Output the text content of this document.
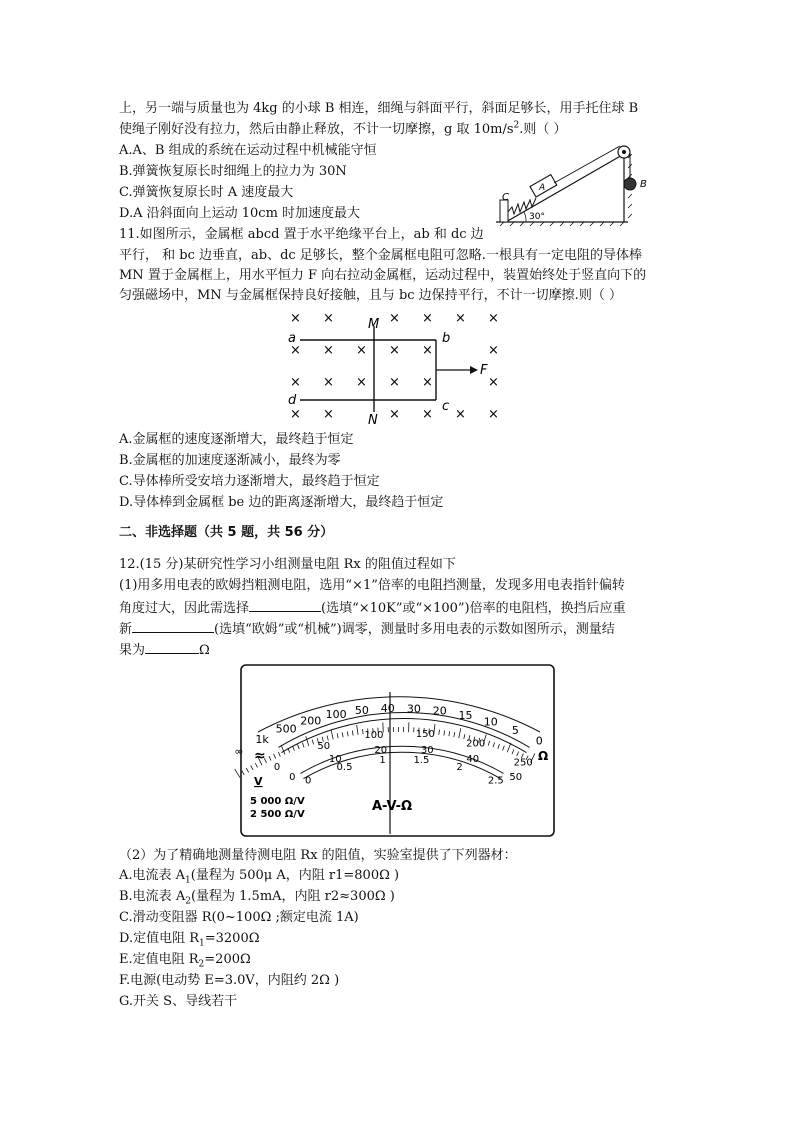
上，另一端与质量也为 4kg 的小球 B 相连，细绳与斜面平行，斜面足够长，用手托住球 B
使绳子刚好没有拉力，然后由静止释放，不计一切摩擦，g 取 $10m/s^2$.则（ ）
A.A、B 组成的系统在运动过程中机械能守恒
B.弹簧恢复原长时细绳上的拉力为 30N
C.弹簧恢复原长时 A 速度最大
D.A 沿斜面向上运动 10cm 时加速度最大
C
A	B
30°
11.如图所示，金属框 abcd 置于水平绝缘平台上，ab 和 dc 边
平行， 和 bc 边垂直，ab、dc 足够长，整个金属框电阻可忽略.一根具有一定电阻的导体棒
MN 置于金属框上，用水平恒力 F 向右拉动金属框，运动过程中，装置始终处于竖直向下的
匀强磁场中，MN 与金属框保持良好接触，且与 bc 边保持平行，不计一切摩擦.则（ ）
× ×	× × × ×
× × × × ×	×
× × × × ×	×
× ×	× × × ×
M
N
a	b
c
d
F
A.金属框的速度逐渐增大，最终趋于恒定
B.金属框的加速度逐渐减小，最终为零
C.导体棒所受安培力逐渐增大，最终趋于恒定
D.导体棒到金属框 be 边的距离逐渐增大，最终趋于恒定
二、非选择题（共 5 题，共 56 分）
12.(15 分)某研究性学习小组测量电阻 Rx 的阻值过程如下
(1)用多用电表的欧姆挡粗测电阻，选用“×1”倍率的电阻挡测量，发现多用电表指针偏转
角度过大，因此需选择	(选填“×10K”或“×100”)倍率的电阻档，换挡后应重
新	(选填“欧姆”或“机械”)调零，测量时多用电表的示数如图所示，测量结
果为	Ω
∞
1k
500
200 100 50 40 30 20 15 10
5
0
0
50
100	150
200
250
0
10
20	30
40
50
0
0.5
1	1.5
2
2.5
≈
V
Ω
A-V-Ω
5 000 Ω/V
2 500 Ω/V
（2）为了精确地测量待测电阻 Rx 的阻值，实验室提供了下列器材：
A.电流表 $A_1$(量程为 500μ A，内阻 r1=800Ω )
B.电流表 $A_2$(量程为 1.5mA，内阻 r2≈300Ω )
C.滑动变阻器 R(0~100Ω ;额定电流 1A)
D.定值电阻 $R_1=3200\Omega$
E.定值电阻 $R_2=200\Omega$
F.电源(电动势 E=3.0V，内阻约 2Ω )
G.开关 S、导线若干
